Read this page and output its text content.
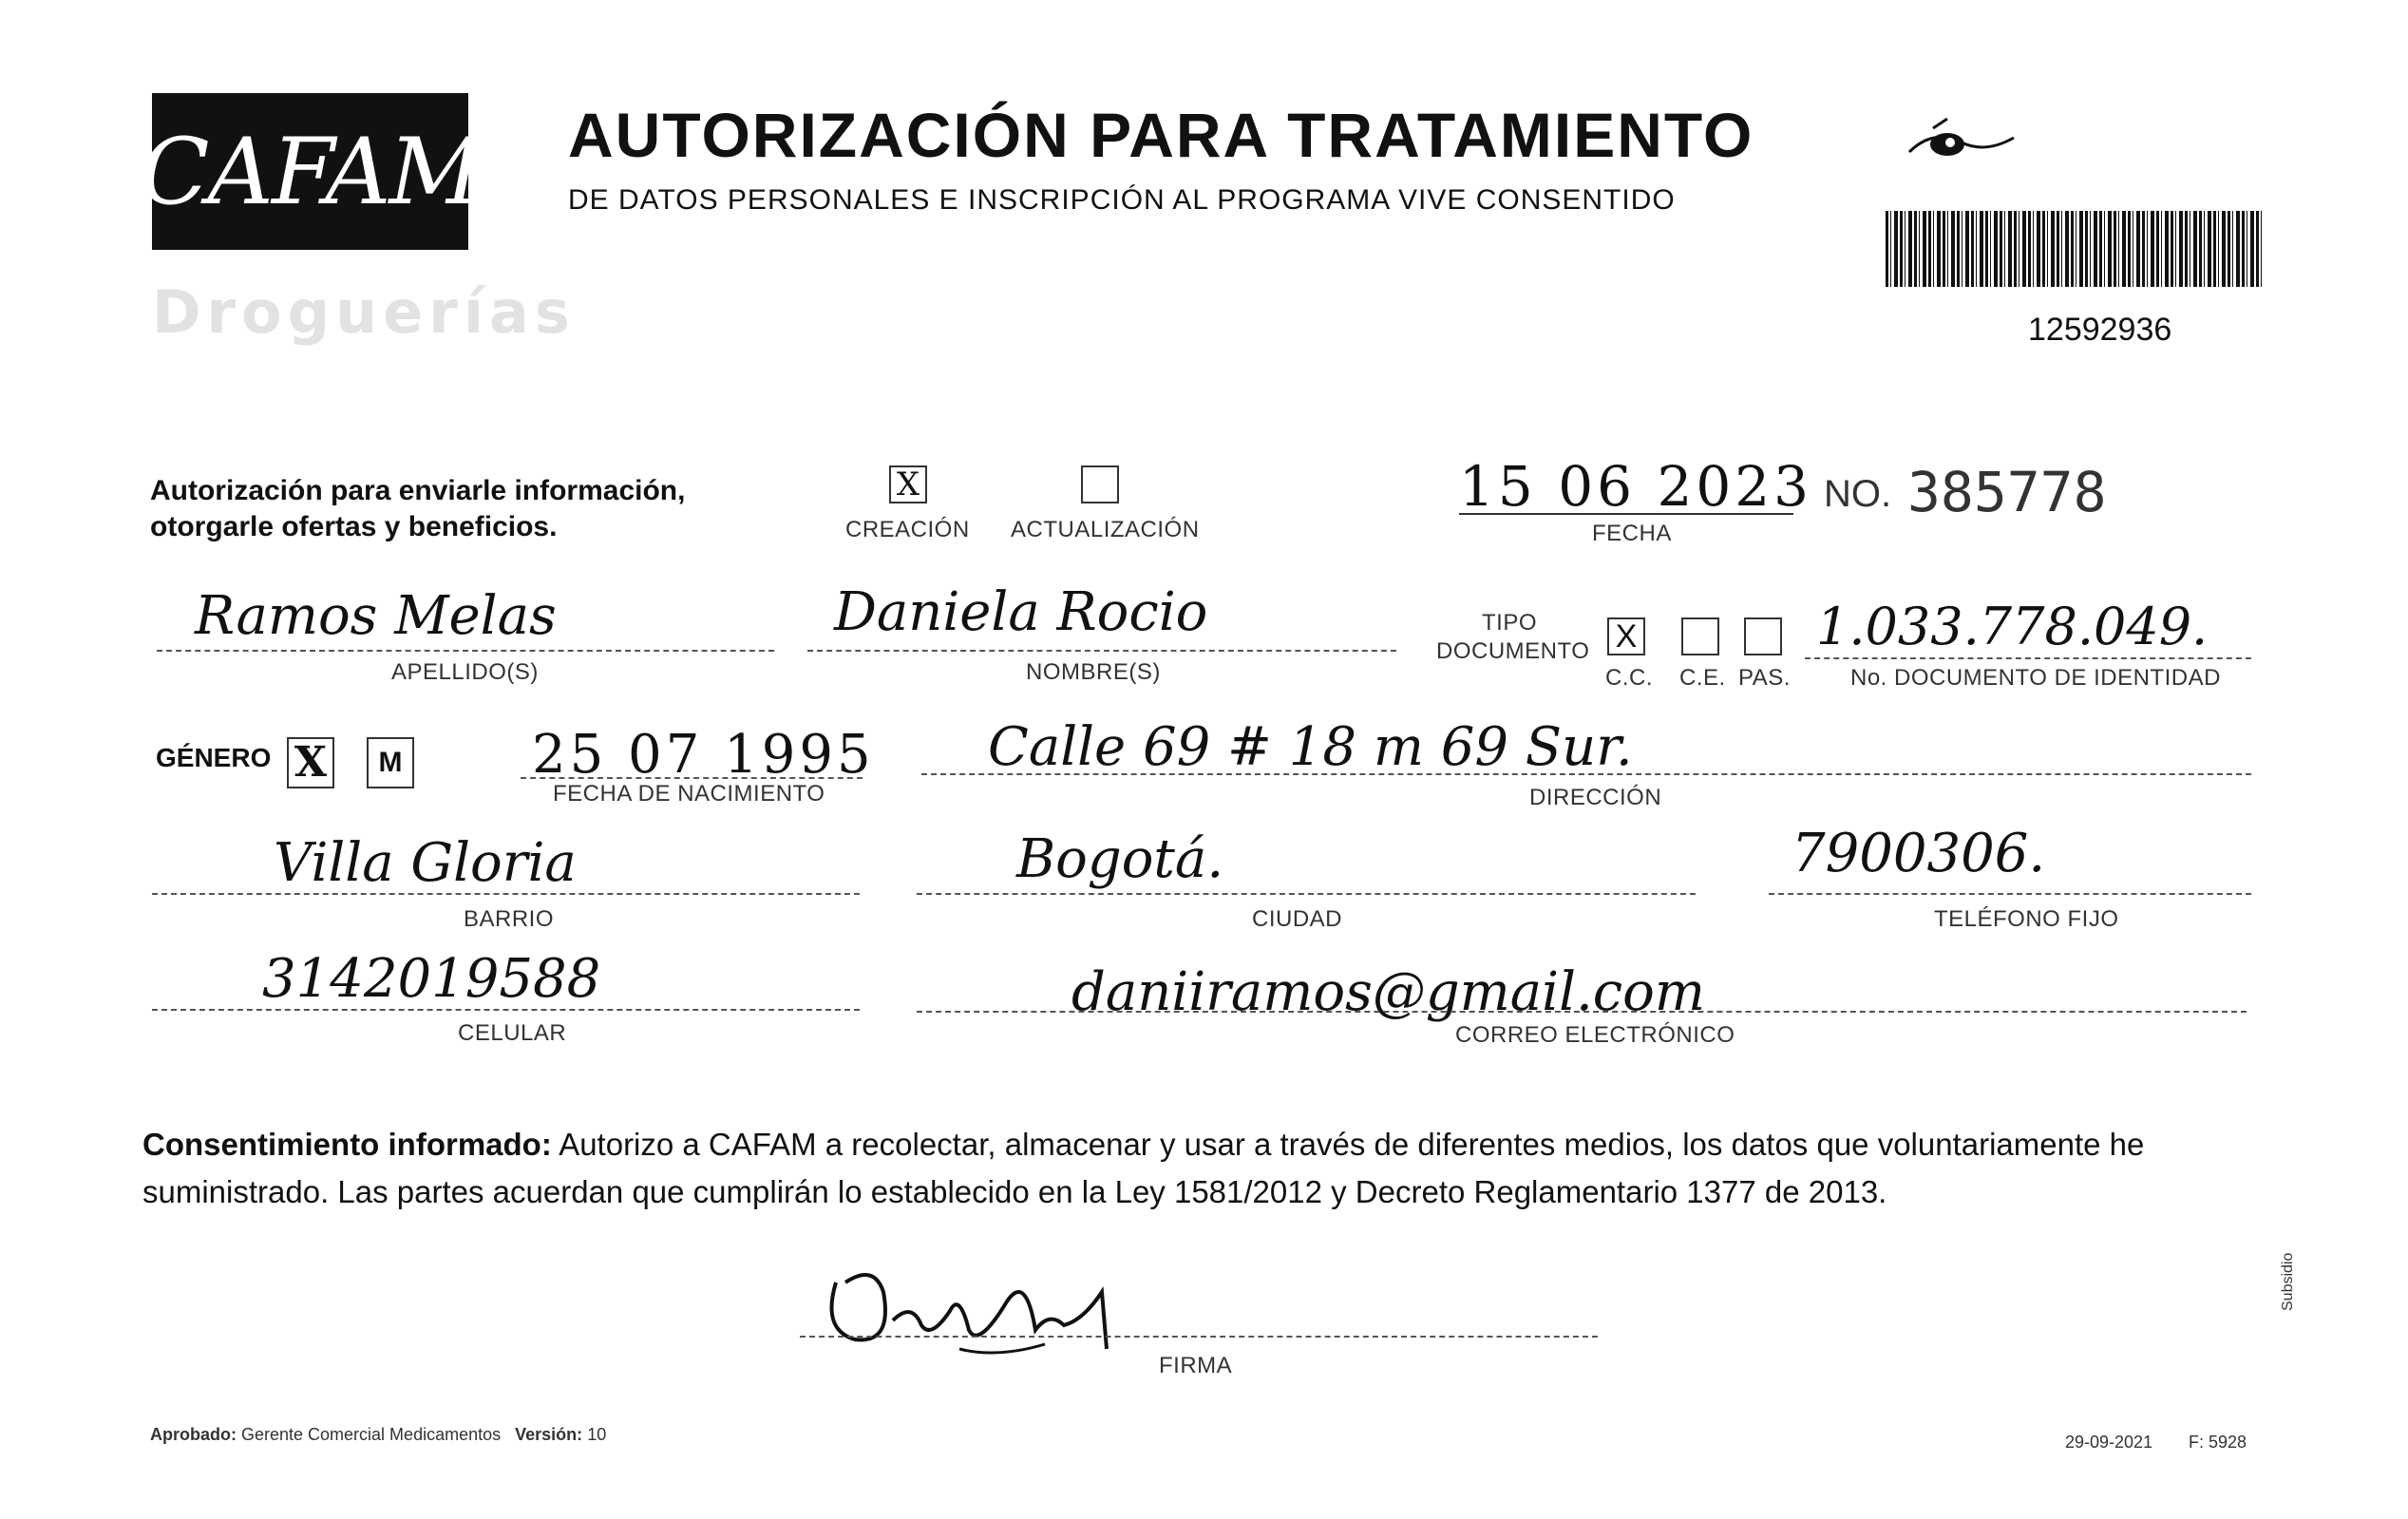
CAFAM
Droguerías
AUTORIZACIÓN PARA TRATAMIENTO
DE DATOS PERSONALES E INSCRIPCIÓN AL PROGRAMA VIVE CONSENTIDO
12592936
Autorización para enviarle información,
otorgarle ofertas y beneficios.
X
CREACIÓN ACTUALIZACIÓN
15 06 2023
FECHA
NO. 385778
Ramos Melas
APELLIDO(S)
Daniela Rocio
NOMBRE(S)
TIPO
DOCUMENTO X
C.C. C.E. PAS.
1.033.778.049.
No. DOCUMENTO DE IDENTIDAD
GÉNERO X	M 25 07 1995
FECHA DE NACIMIENTO
Calle 69 # 18 m 69 Sur.
DIRECCIÓN
Villa Gloria
BARRIO
Bogotá.
CIUDAD
7900306.
TELÉFONO FIJO
3142019588
CELULAR
daniiramos@gmail.com
CORREO ELECTRÓNICO
Consentimiento informado: Autorizo a CAFAM a recolectar, almacenar y usar a través de diferentes medios, los datos que voluntariamente he suministrado. Las partes acuerdan que cumplirán lo establecido en la Ley 1581/2012 y Decreto Reglamentario 1377 de 2013.
FIRMA
Aprobado: Gerente Comercial Medicamentos Versión: 10	29-09-2021 F: 5928
Subsidio
